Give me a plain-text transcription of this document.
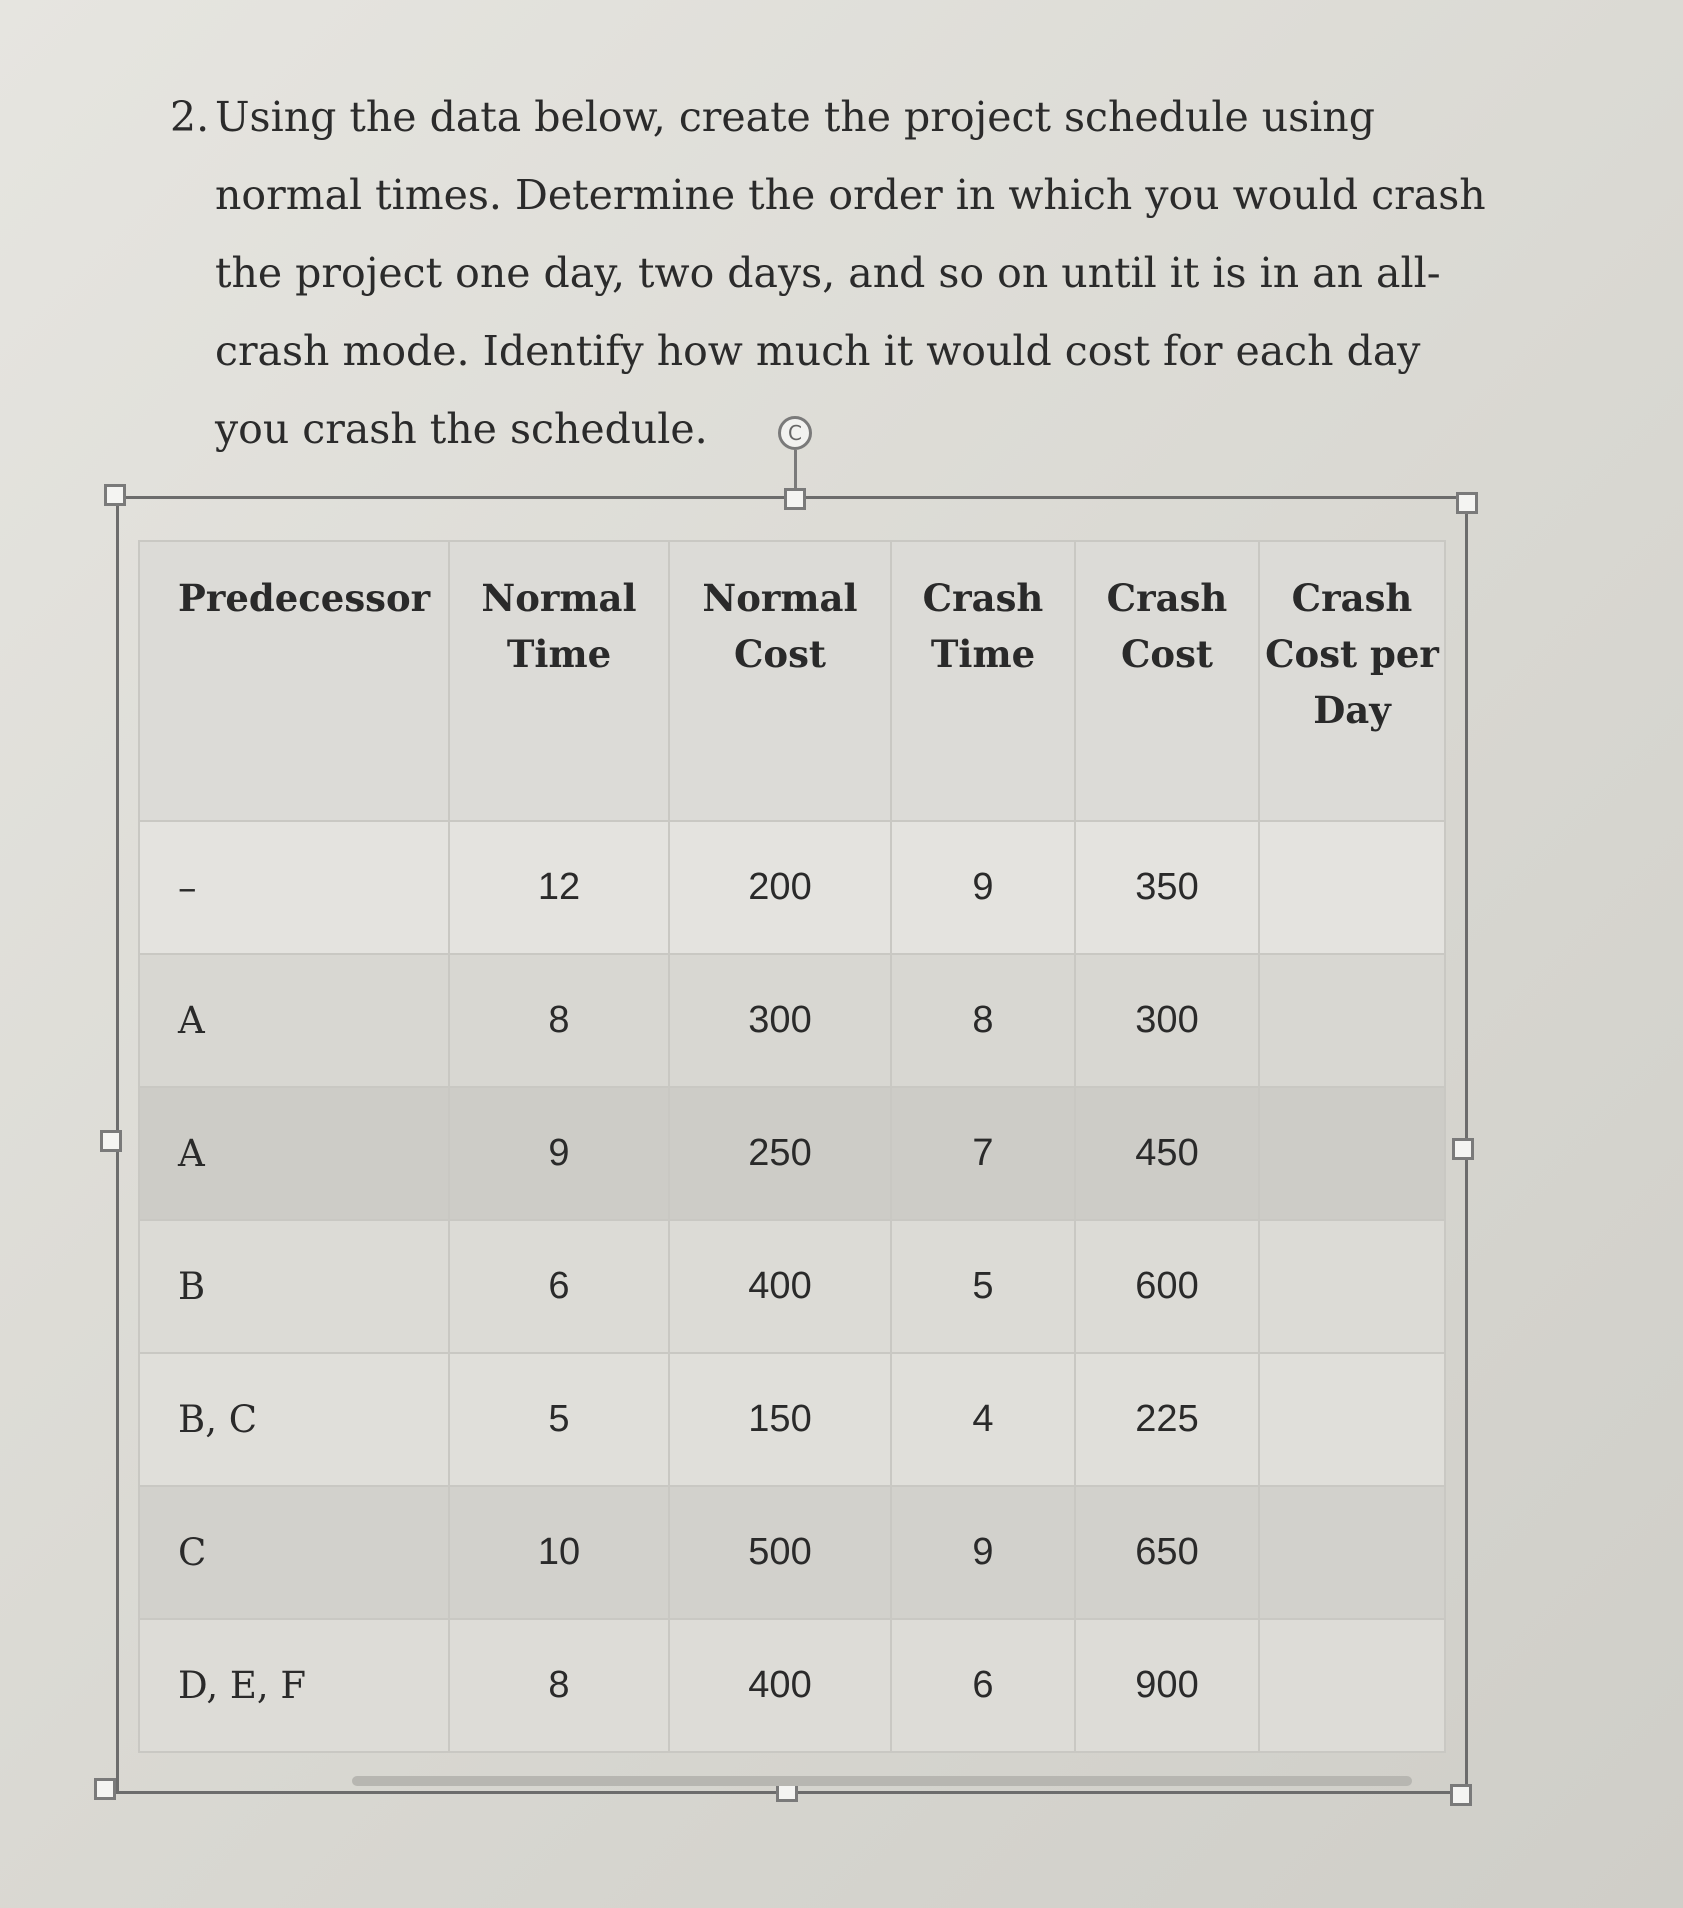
2. Using the data below, create the project schedule using
normal times. Determine the order in which you would crash
the project one day, two days, and so on until it is in an all-
crash mode. Identify how much it would cost for each day
you crash the schedule.	C
Predecessor	Normal Time	Normal Cost	Crash Time	Crash Cost	Crash Cost per Day
–	12	200	9	350	
A	8	300	8	300	
A	9	250	7	450	
B	6	400	5	600	
B, C	5	150	4	225	
C	10	500	9	650	
D, E, F	8	400	6	900	
